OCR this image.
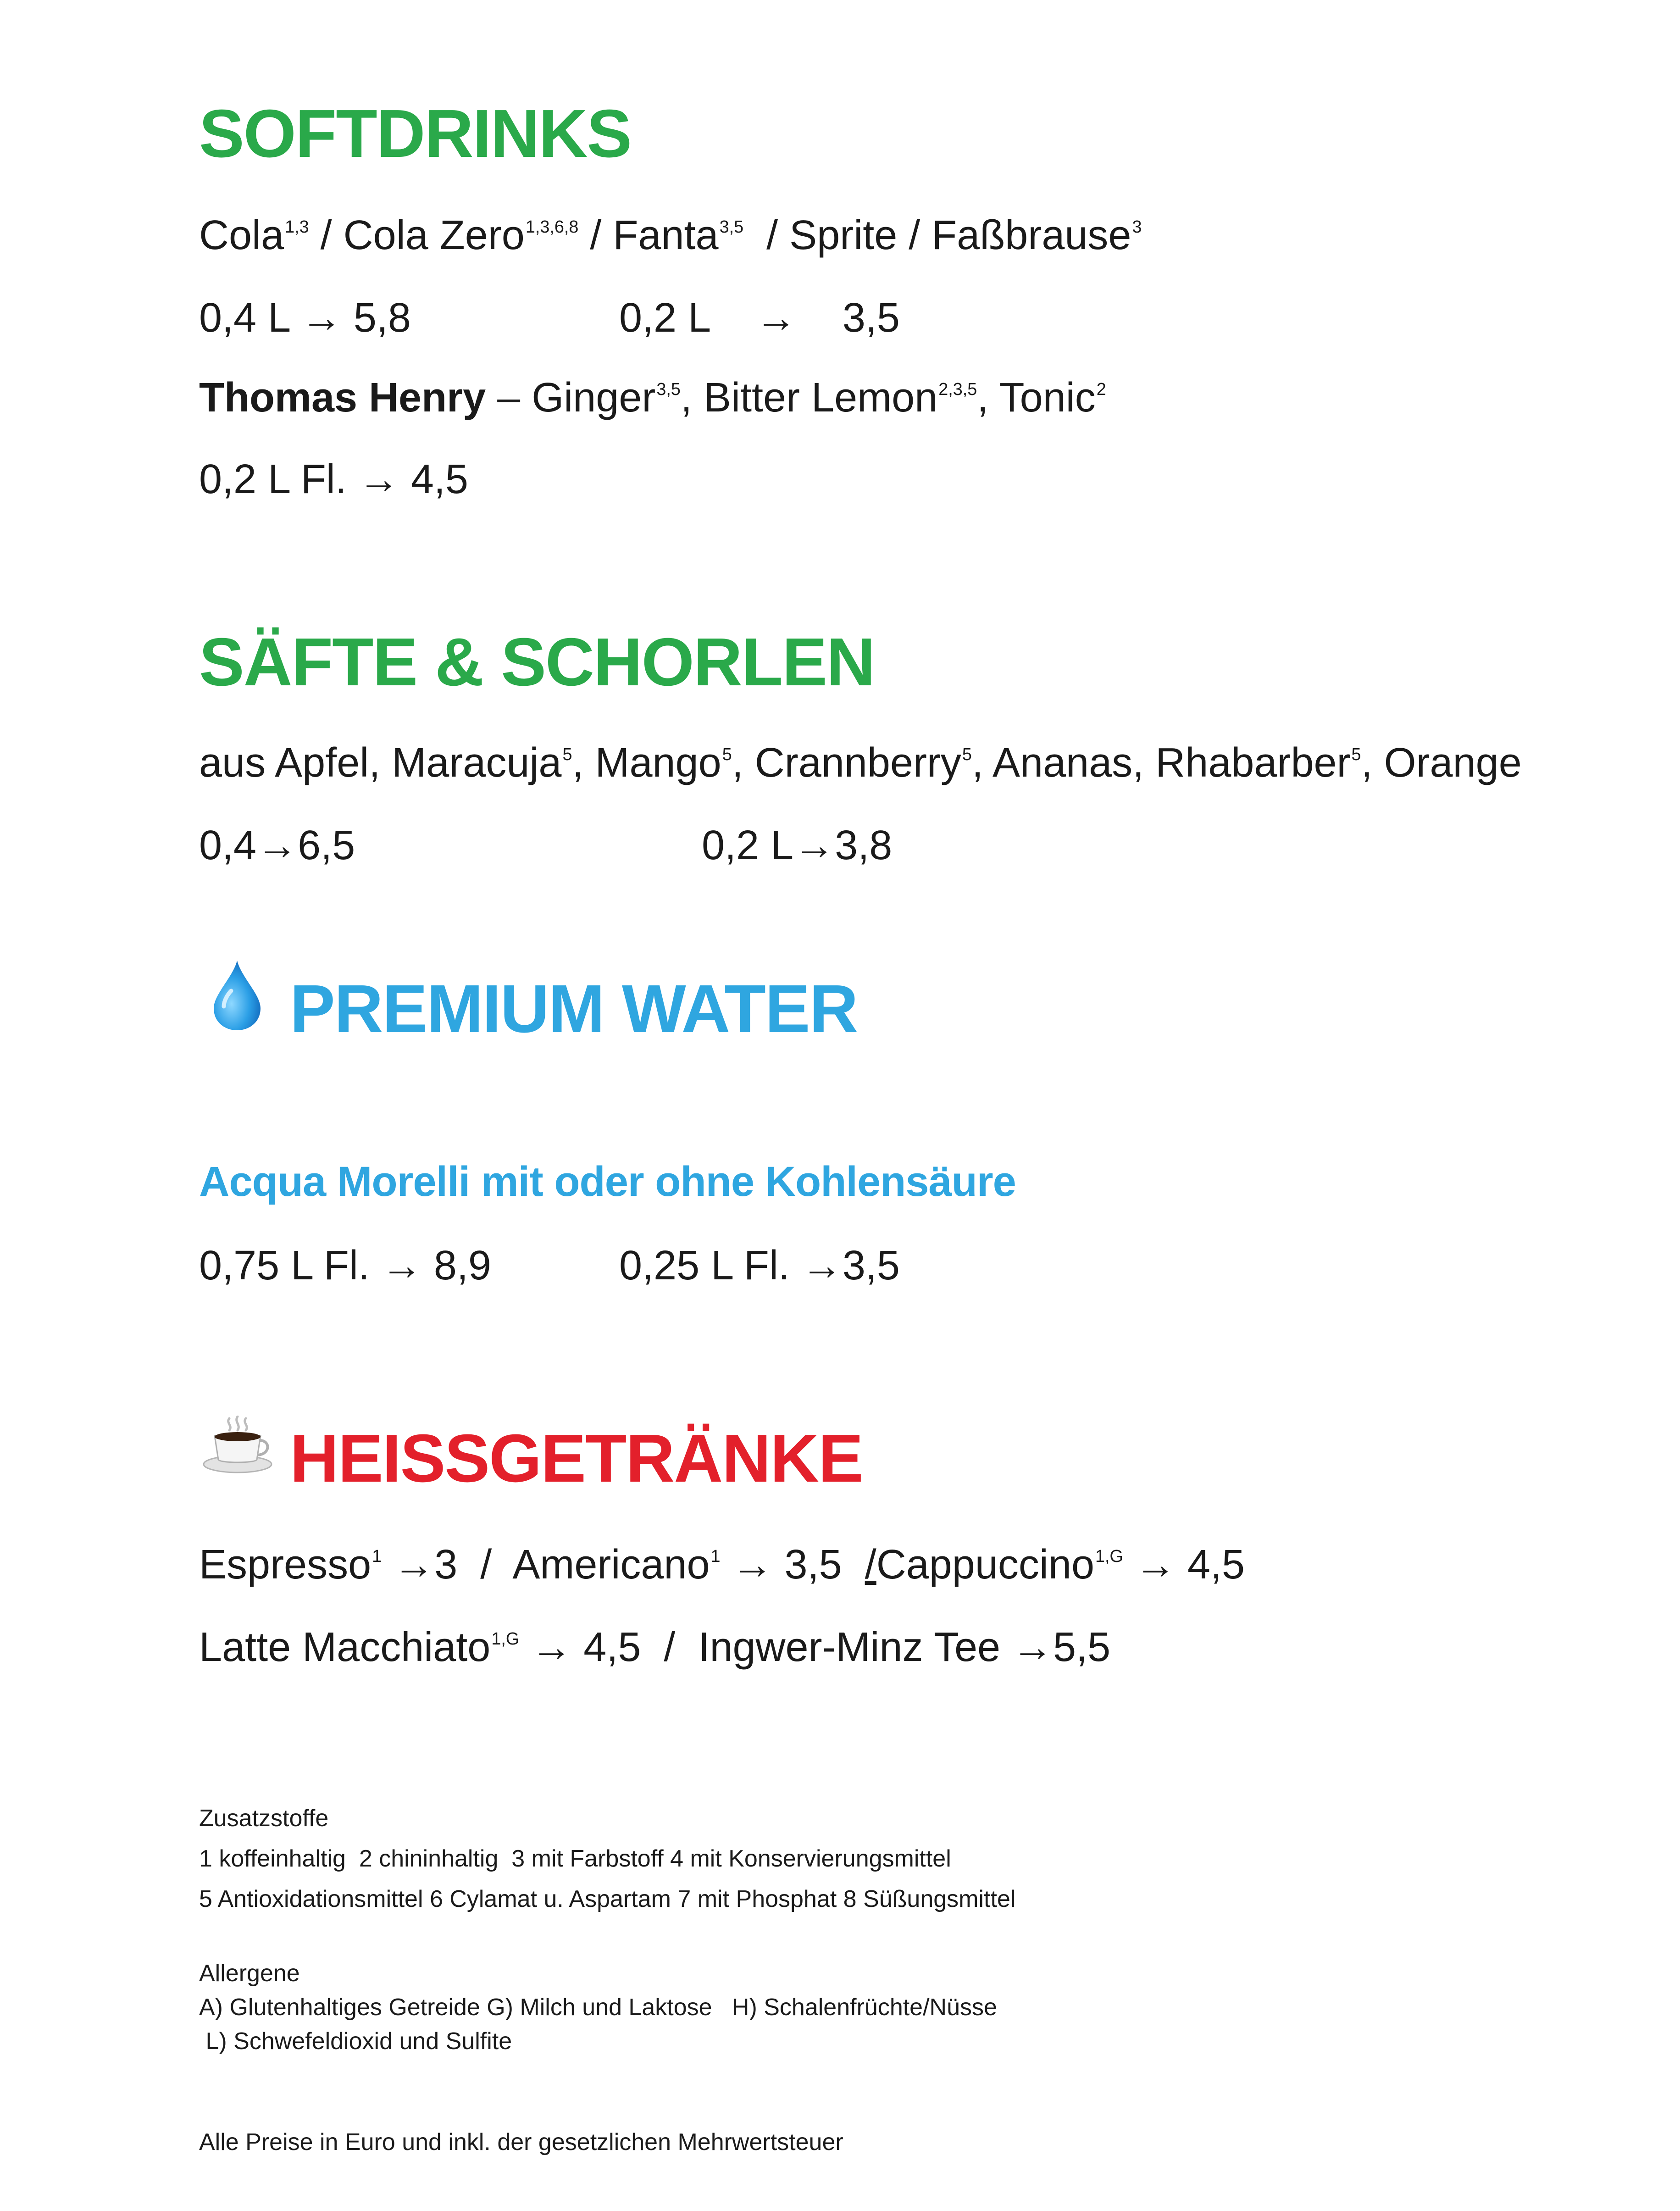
SOFTDRINKS
Cola$^{1,3}$ / Cola Zero$^{1,3,6,8}$ / Fanta$^{3,5}$  / Sprite / Faßbrause$^3$
0,4 L → 5,8	0,2 L    →    3,5
Thomas Henry – Ginger$^{3,5}$, Bitter Lemon$^{2,3,5}$, Tonic$^2$
0,2 L Fl. → 4,5
SÄFTE & SCHORLEN
aus Apfel, Maracuja$^5$, Mango$^5$, Crannberry$^5$, Ananas, Rhabarber$^5$, Orange
0,4→6,5	0,2 L→3,8
PREMIUM WATER
Acqua Morelli mit oder ohne Kohlensäure
0,75 L Fl. → 8,9	0,25 L Fl. →3,5
HEISSGETRÄNKE
Espresso$^1$ →3  /  Americano$^1$ → 3,5  /Cappuccino$^{1,G}$ → 4,5
Latte Macchiato$^{1,G}$ → 4,5  /  Ingwer-Minz Tee →5,5
Zusatzstoffe
1 koffeinhaltig  2 chininhaltig  3 mit Farbstoff 4 mit Konservierungsmittel
5 Antioxidationsmittel 6 Cylamat u. Aspartam 7 mit Phosphat 8 Süßungsmittel
Allergene
A) Glutenhaltiges Getreide G) Milch und Laktose   H) Schalenfrüchte/Nüsse
L) Schwefeldioxid und Sulfite
Alle Preise in Euro und inkl. der gesetzlichen Mehrwertsteuer
